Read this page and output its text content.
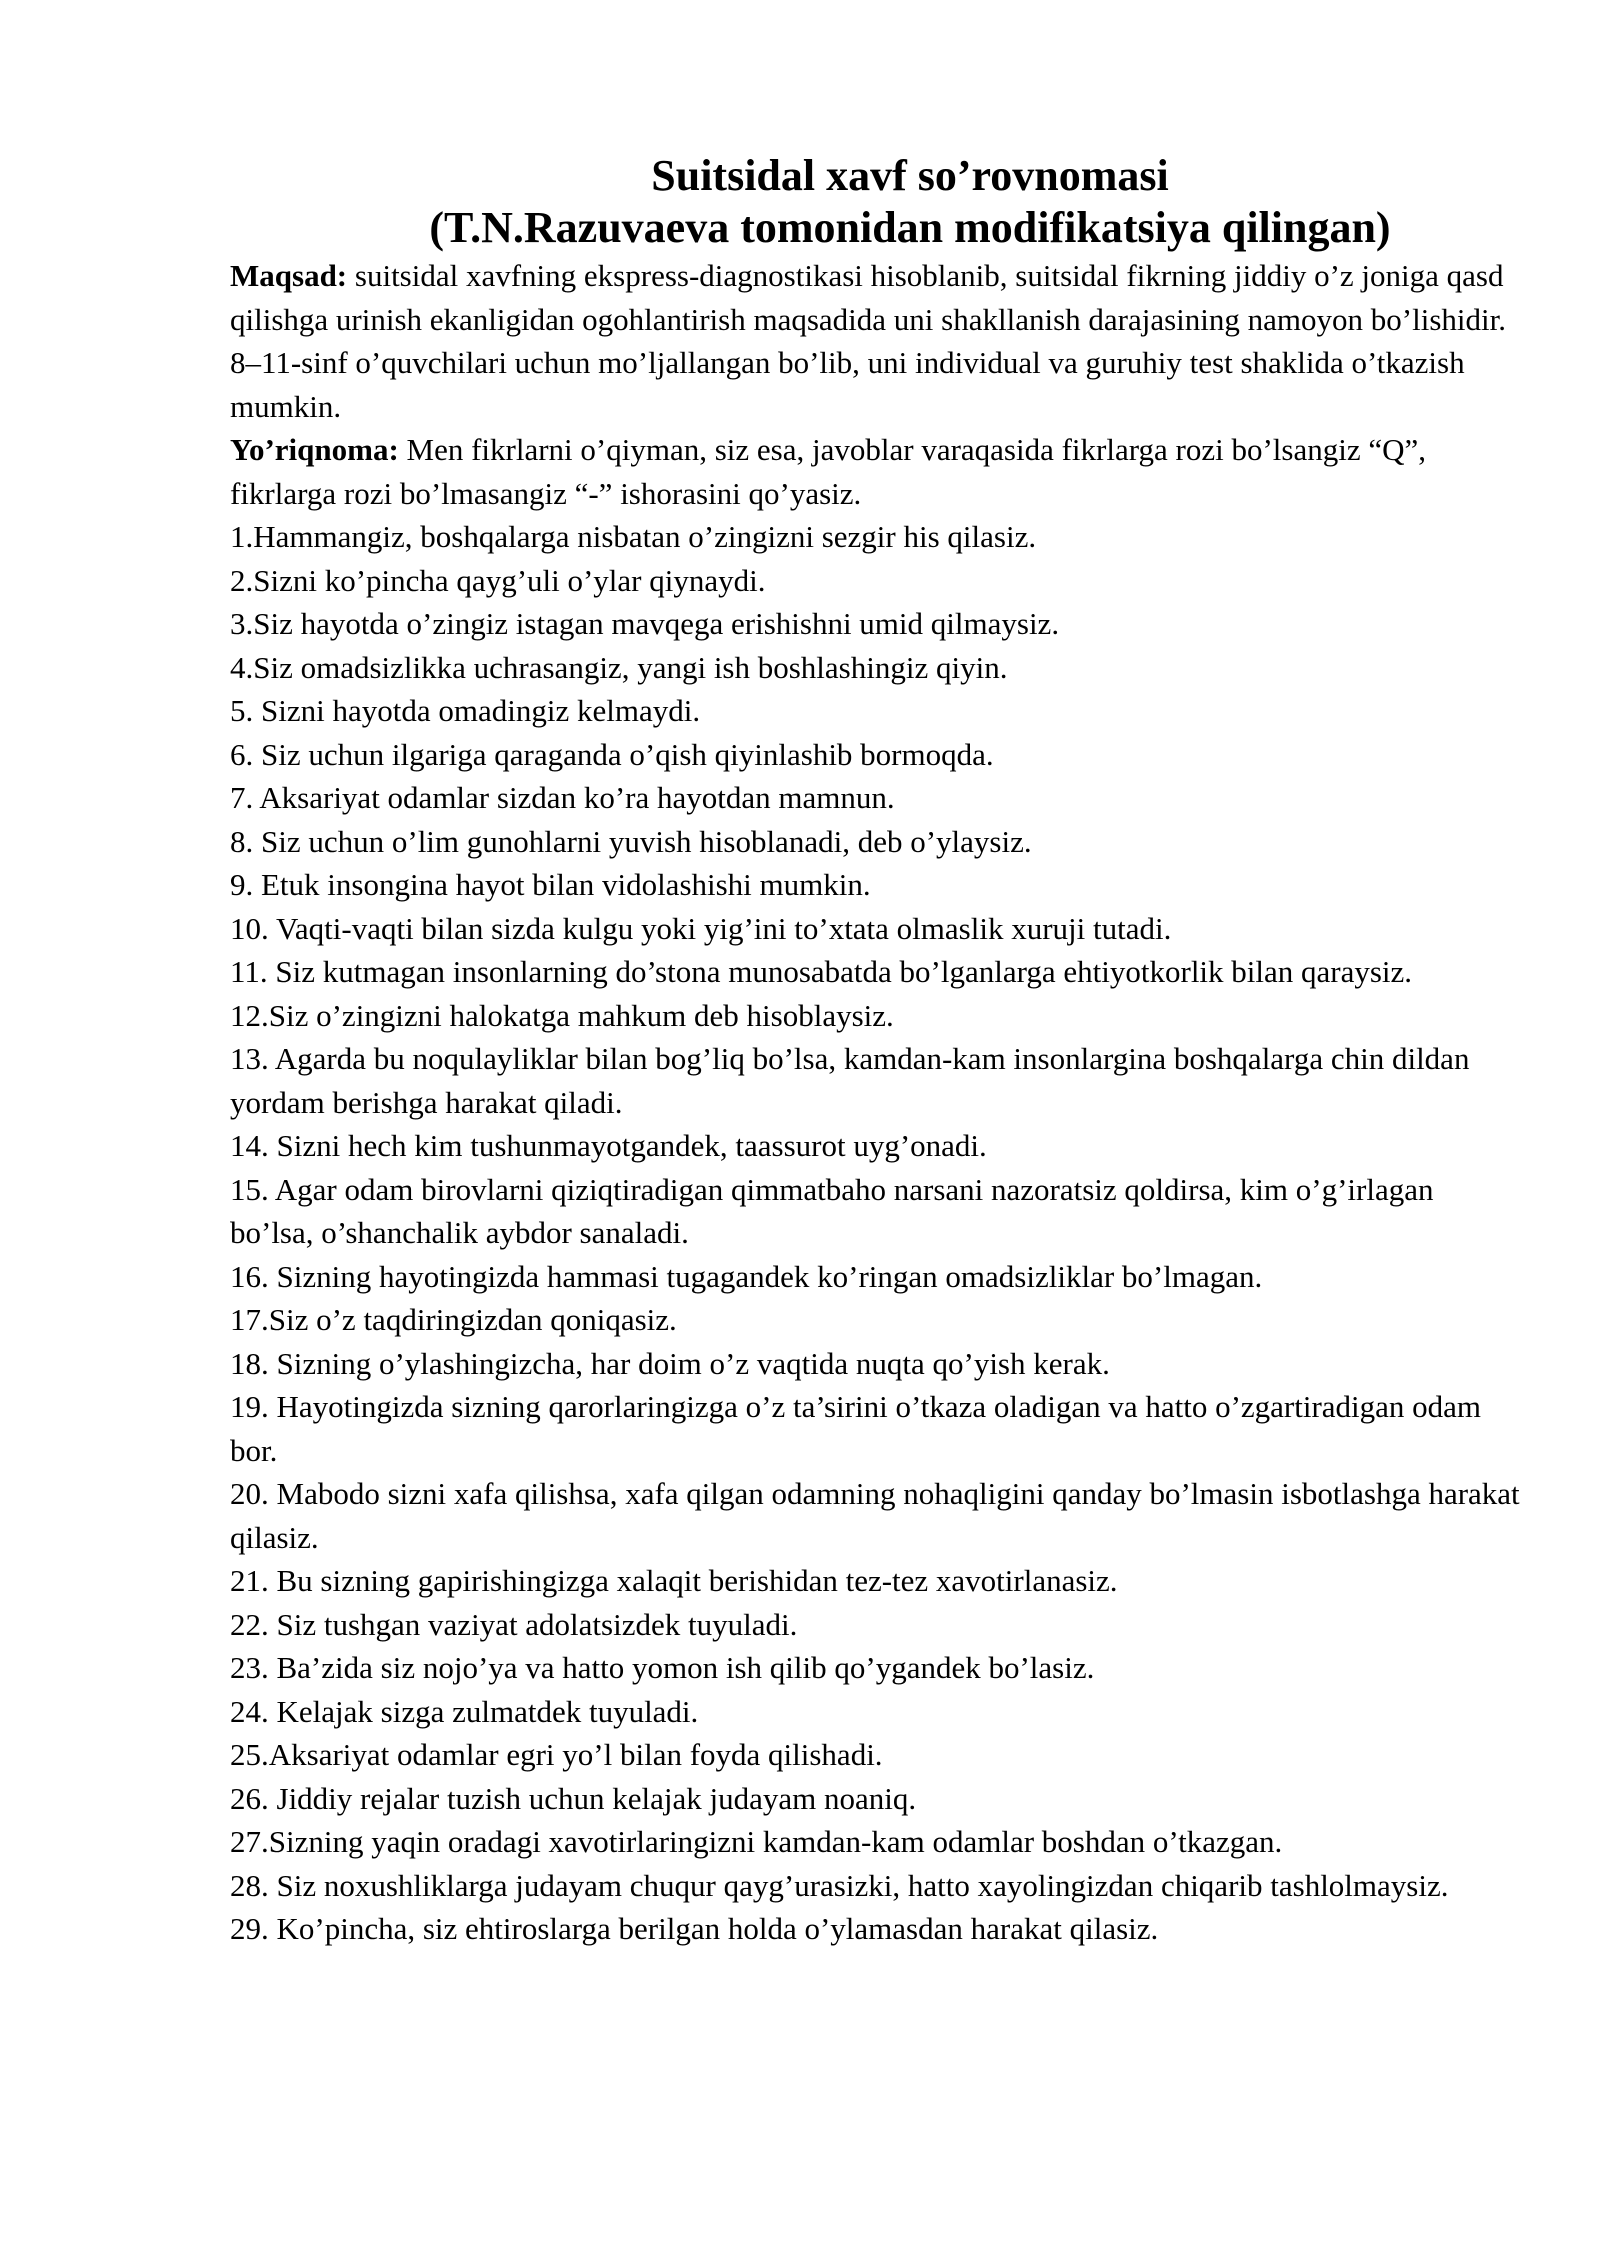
Suitsidal xavf so’rovnomasi
(T.N.Razuvaeva tomonidan modifikatsiya qilingan)

Maqsad: suitsidal xavfning ekspress-diagnostikasi hisoblanib, suitsidal fikrning jiddiy o’z joniga qasd qilishga urinish ekanligidan ogohlantirish maqsadida uni shakllanish darajasining namoyon bo’lishidir. 8–11-sinf o’quvchilari uchun mo’ljallangan bo’lib, uni individual va guruhiy test shaklida o’tkazish mumkin.

Yo’riqnoma: Men fikrlarni o’qiyman, siz esa, javoblar varaqasida fikrlarga rozi bo’lsangiz “Q”, fikrlarga rozi bo’lmasangiz “-” ishorasini qo’yasiz.

1.Hammangiz, boshqalarga nisbatan o’zingizni sezgir his qilasiz.
2.Sizni ko’pincha qayg’uli o’ylar qiynaydi.
3.Siz hayotda o’zingiz istagan mavqega erishishni umid qilmaysiz.
4.Siz omadsizlikka uchrasangiz, yangi ish boshlashingiz qiyin.
5. Sizni hayotda omadingiz kelmaydi.
6. Siz uchun ilgariga qaraganda o’qish qiyinlashib bormoqda.
7. Aksariyat odamlar sizdan ko’ra hayotdan mamnun.
8. Siz uchun o’lim gunohlarni yuvish hisoblanadi, deb o’ylaysiz.
9. Etuk insongina hayot bilan vidolashishi mumkin.
10. Vaqti-vaqti bilan sizda kulgu yoki yig’ini to’xtata olmaslik xuruji tutadi.
11. Siz kutmagan insonlarning do’stona munosabatda bo’lganlarga ehtiyotkorlik bilan qaraysiz.
12.Siz o’zingizni halokatga mahkum deb hisoblaysiz.
13. Agarda bu noqulayliklar bilan bog’liq bo’lsa, kamdan-kam insonlargina boshqalarga chin dildan yordam berishga harakat qiladi.
14. Sizni hech kim tushunmayotgandek, taassurot uyg’onadi.
15. Agar odam birovlarni qiziqtiradigan qimmatbaho narsani nazoratsiz qoldirsa, kim o’g’irlagan bo’lsa, o’shanchalik aybdor sanaladi.
16. Sizning hayotingizda hammasi tugagandek ko’ringan omadsizliklar bo’lmagan.
17.Siz o’z taqdiringizdan qoniqasiz.
18. Sizning o’ylashingizcha, har doim o’z vaqtida nuqta qo’yish kerak.
19. Hayotingizda sizning qarorlaringizga o’z ta’sirini o’tkaza oladigan va hatto o’zgartiradigan odam bor.
20. Mabodo sizni xafa qilishsa, xafa qilgan odamning nohaqligini qanday bo’lmasin isbotlashga harakat qilasiz.
21. Bu sizning gapirishingizga xalaqit berishidan tez-tez xavotirlanasiz.
22. Siz tushgan vaziyat adolatsizdek tuyuladi.
23. Ba’zida siz nojo’ya va hatto yomon ish qilib qo’ygandek bo’lasiz.
24. Kelajak sizga zulmatdek tuyuladi.
25.Aksariyat odamlar egri yo’l bilan foyda qilishadi.
26. Jiddiy rejalar tuzish uchun kelajak judayam noaniq.
27.Sizning yaqin oradagi xavotirlaringizni kamdan-kam odamlar boshdan o’tkazgan.
28. Siz noxushliklarga judayam chuqur qayg’urasizki, hatto xayolingizdan chiqarib tashlolmaysiz.
29. Ko’pincha, siz ehtiroslarga berilgan holda o’ylamasdan harakat qilasiz.
